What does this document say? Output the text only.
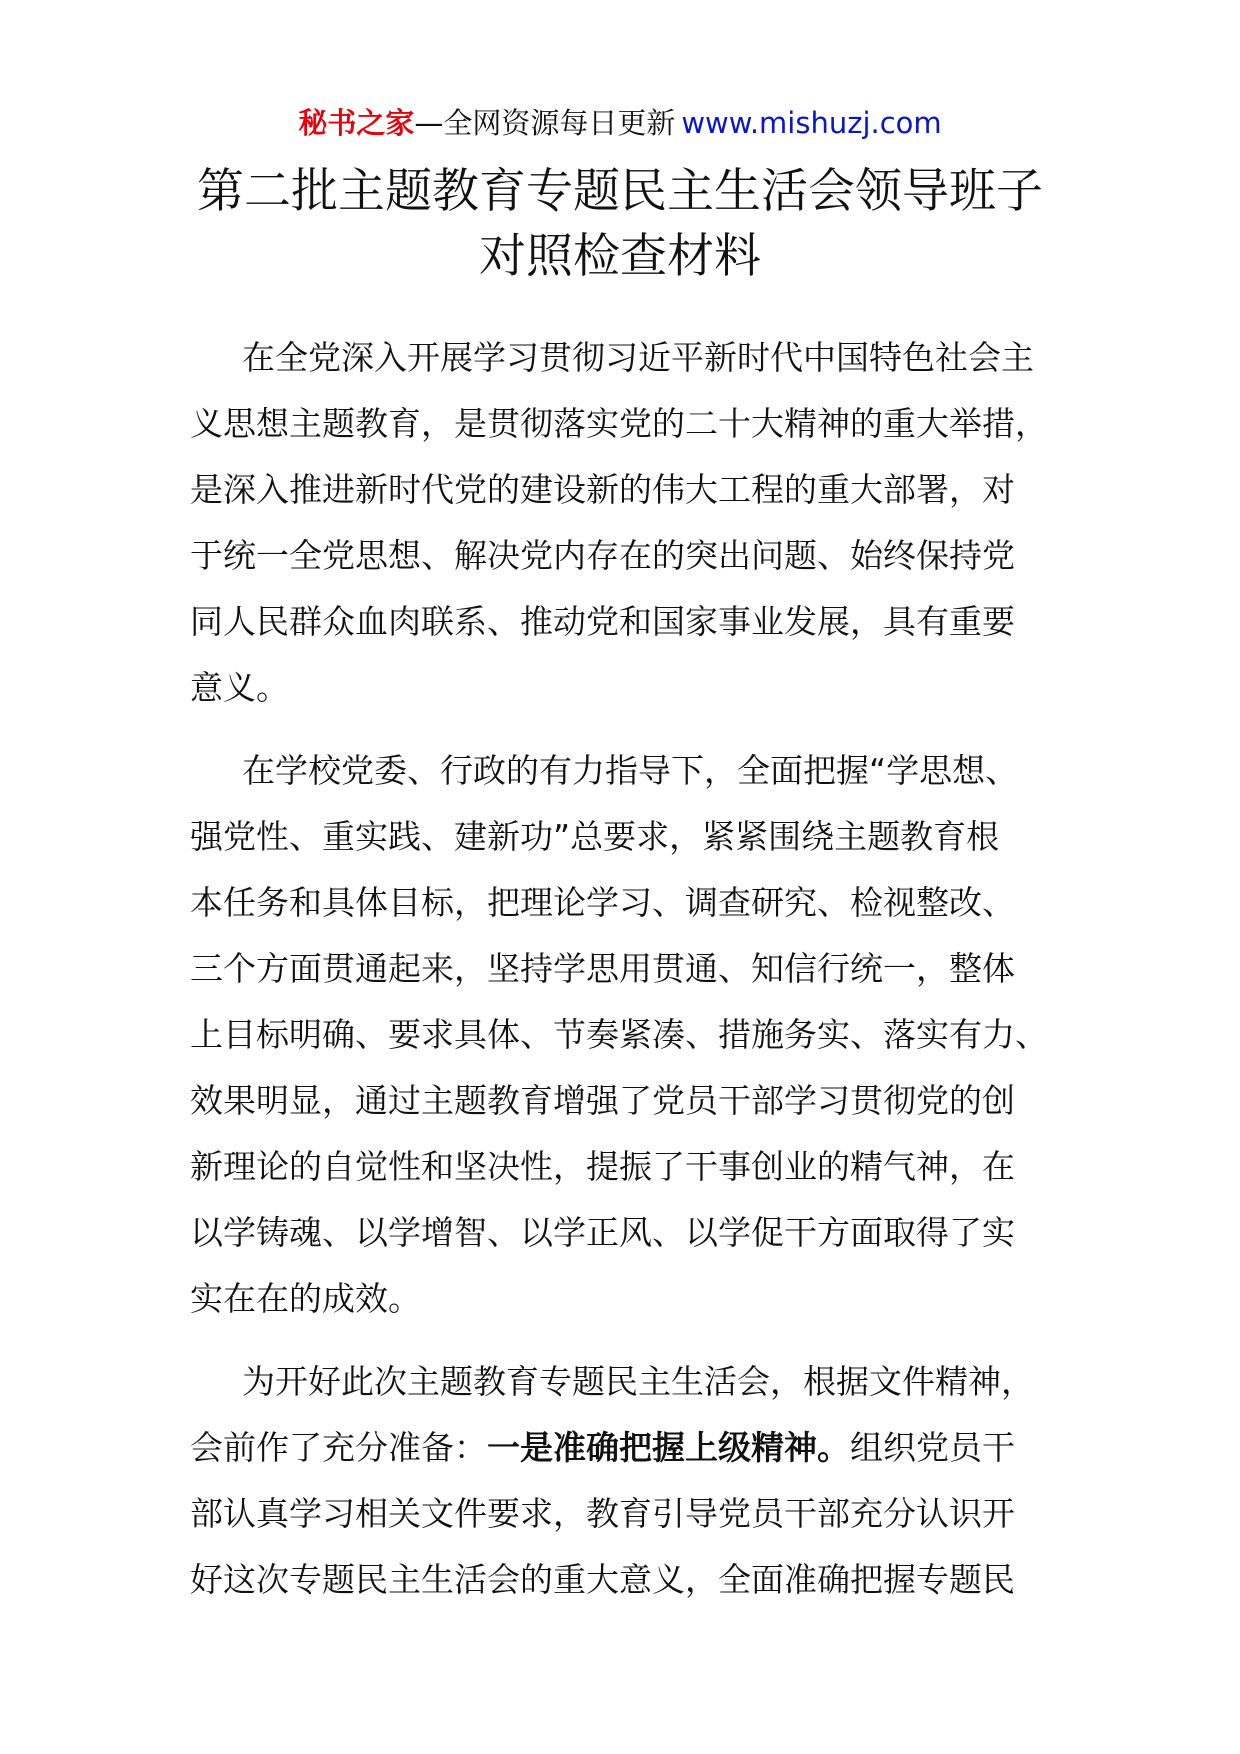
秘书之家—全网资源每日更新 www.mishuzj.com
第二批主题教育专题民主生活会领导班子
对照检查材料
在全党深入开展学习贯彻习近平新时代中国特色社会主
义思想主题教育，是贯彻落实党的二十大精神的重大举措，
是深入推进新时代党的建设新的伟大工程的重大部署，对
于统一全党思想、解决党内存在的突出问题、始终保持党
同人民群众血肉联系、推动党和国家事业发展，具有重要
意义。
在学校党委、行政的有力指导下，全面把握“学思想、
强党性、重实践、建新功”总要求，紧紧围绕主题教育根
本任务和具体目标，把理论学习、调查研究、检视整改、
三个方面贯通起来，坚持学思用贯通、知信行统一，整体
上目标明确、要求具体、节奏紧凑、措施务实、落实有力、
效果明显，通过主题教育增强了党员干部学习贯彻党的创
新理论的自觉性和坚决性，提振了干事创业的精气神，在
以学铸魂、以学增智、以学正风、以学促干方面取得了实
实在在的成效。
为开好此次主题教育专题民主生活会，根据文件精神，
会前作了充分准备：一是准确把握上级精神。组织党员干
部认真学习相关文件要求，教育引导党员干部充分认识开
好这次专题民主生活会的重大意义，全面准确把握专题民
